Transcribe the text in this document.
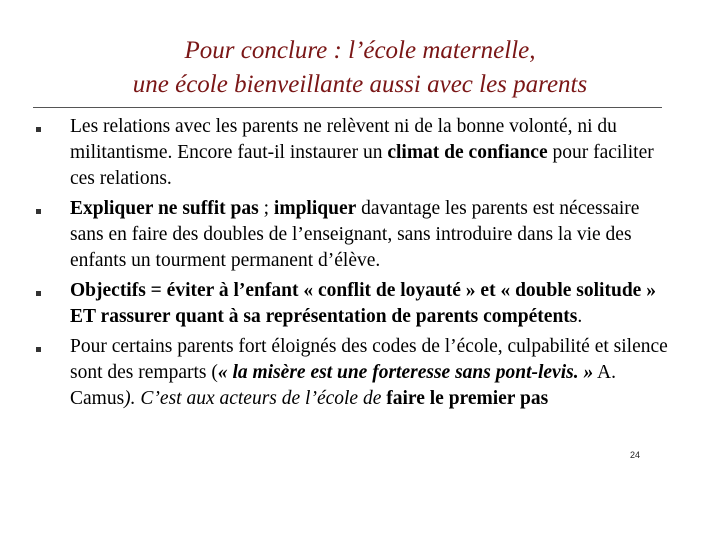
Pour conclure : l’école maternelle,
une école bienveillante aussi avec les parents
Les relations avec les parents ne relèvent ni de la bonne volonté, ni du militantisme. Encore faut-il instaurer un climat de confiance pour faciliter ces relations.
Expliquer ne suffit pas ; impliquer davantage les parents est nécessaire sans en faire des doubles de l’enseignant, sans introduire dans la vie des enfants un tourment permanent d’élève.
Objectifs = éviter à l’enfant « conflit de loyauté » et « double solitude » ET rassurer quant à sa représentation de parents compétents.
Pour certains parents fort éloignés des codes de l’école, culpabilité et silence sont des remparts (« la misère est une forteresse sans pont-levis. » A. Camus). C’est aux acteurs de l’école de faire le premier pas
24
